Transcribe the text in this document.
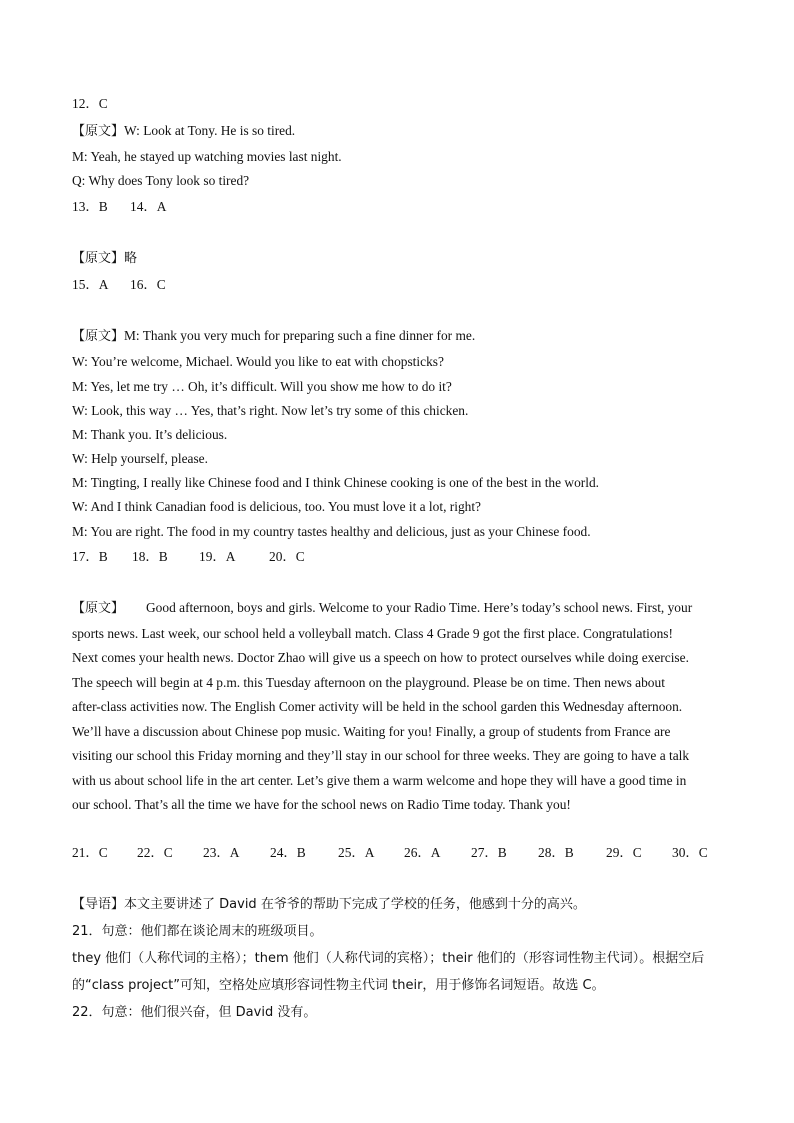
12．C
【原文】W: Look at Tony. He is so tired.
M: Yeah, he stayed up watching movies last night.
Q: Why does Tony look so tired?
13．B 14．A
【原文】略
15．A 16．C
【原文】M: Thank you very much for preparing such a fine dinner for me.
W: You’re welcome, Michael. Would you like to eat with chopsticks?
M: Yes, let me try … Oh, it’s difficult. Will you show me how to do it?
W: Look, this way … Yes, that’s right. Now let’s try some of this chicken.
M: Thank you. It’s delicious.
W: Help yourself, please.
M: Tingting, I really like Chinese food and I think Chinese cooking is one of the best in the world.
W: And I think Canadian food is delicious, too. You must love it a lot, right?
M: You are right. The food in my country tastes healthy and delicious, just as your Chinese food.
17．B 18．B 19．A	20．C
【原文】 Good afternoon, boys and girls. Welcome to your Radio Time. Here’s today’s school news. First, your
sports news. Last week, our school held a volleyball match. Class 4 Grade 9 got the first place. Congratulations!
Next comes your health news. Doctor Zhao will give us a speech on how to protect ourselves while doing exercise.
The speech will begin at 4 p.m. this Tuesday afternoon on the playground. Please be on time. Then news about
after-class activities now. The English Comer activity will be held in the school garden this Wednesday afternoon.
We’ll have a discussion about Chinese pop music. Waiting for you! Finally, a group of students from France are
visiting our school this Friday morning and they’ll stay in our school for three weeks. They are going to have a talk
with us about school life in the art center. Let’s give them a warm welcome and hope they will have a good time in
our school. That’s all the time we have for the school news on Radio Time today. Thank you!
21．C 22．C 23．A 24．B 25．A 26．A 27．B 28．B 29．C 30．C
【导语】本文主要讲述了 David 在爷爷的帮助下完成了学校的任务，他感到十分的高兴。
21．句意：他们都在谈论周末的班级项目。
they 他们（人称代词的主格）；them 他们（人称代词的宾格）；their 他们的（形容词性物主代词）。根据空后
的“class project”可知，空格处应填形容词性物主代词 their，用于修饰名词短语。故选 C。
22．句意：他们很兴奋，但 David 没有。
